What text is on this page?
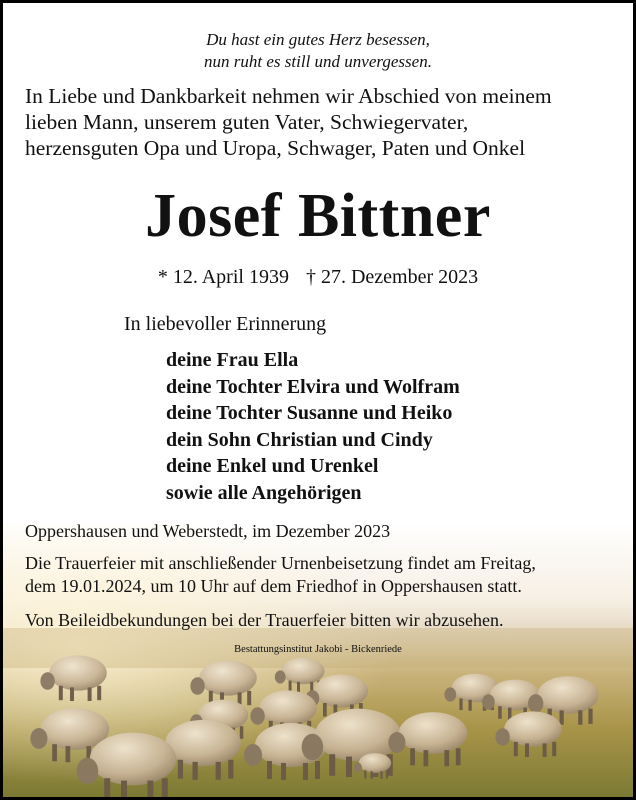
Du hast ein gutes Herz besessen,
nun ruht es still und unvergessen.
In Liebe und Dankbarkeit nehmen wir Abschied von meinem
lieben Mann, unserem guten Vater, Schwiegervater,
herzensguten Opa und Uropa, Schwager, Paten und Onkel
Josef Bittner
* 12. April 1939 † 27. Dezember 2023
In liebevoller Erinnerung
deine Frau Ella
deine Tochter Elvira und Wolfram
deine Tochter Susanne und Heiko
dein Sohn Christian und Cindy
deine Enkel und Urenkel
sowie alle Angehörigen
Oppershausen und Weberstedt, im Dezember 2023
Die Trauerfeier mit anschließender Urnenbeisetzung findet am Freitag,
dem 19.01.2024, um 10 Uhr auf dem Friedhof in Oppershausen statt.
Von Beileidbekundungen bei der Trauerfeier bitten wir abzusehen.
Bestattungsinstitut Jakobi - Bickenriede
